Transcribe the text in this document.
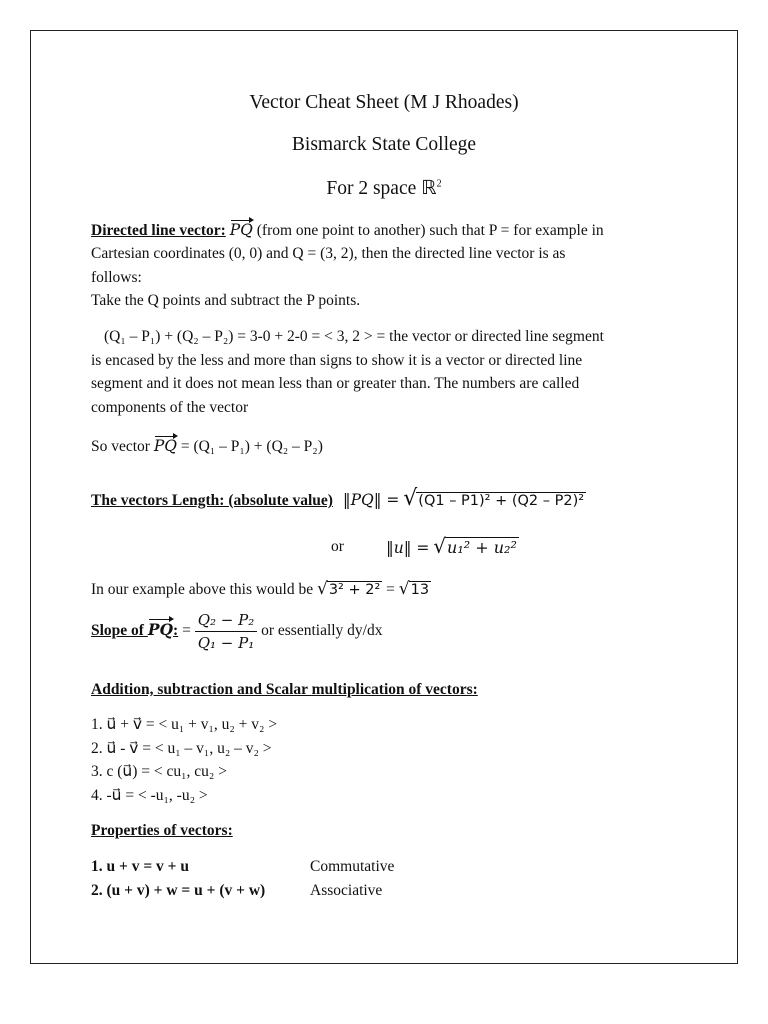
Vector Cheat Sheet (M J Rhoades)
Bismarck State College
For 2 space ℝ$^2$
Directed line vector: PQ (from one point to another) such that P = for example in
Cartesian coordinates (0, 0) and Q = (3, 2), then the directed line vector is as
follows:
Take the Q points and subtract the P points.
(Q₁ – P₁) + (Q₂ – P₂) = 3-0 + 2-0 = < 3, 2 > = the vector or directed line segment
is encased by the less and more than signs to show it is a vector or directed line
segment and it does not mean less than or greater than. The numbers are called
components of the vector
So vector PQ = (Q₁ – P₁) + (Q₂ – P₂)
The vectors Length: (absolute value) ‖PQ‖ = √(Q1 – P1)² + (Q2 – P2)²
or	‖u‖ = √u₁² + u₂²
In our example above this would be √3² + 2² = √13
Slope of PQ: = $\frac{\text{Q₂ − P₂}}{\text{Q₁ − P₁}}$ or essentially dy/dx
Addition, subtraction and Scalar multiplication of vectors:
1. u⃗ + v⃗ = < u₁ + v₁, u₂ + v₂ >
2. u⃗ - v⃗ = < u₁ – v₁, u₂ – v₂ >
3. c (u⃗) = < cu₁, cu₂ >
4. -u⃗ = < -u₁, -u₂ >
Properties of vectors:
1. u + v = v + u	Commutative
2. (u + v) + w = u + (v + w)	Associative
